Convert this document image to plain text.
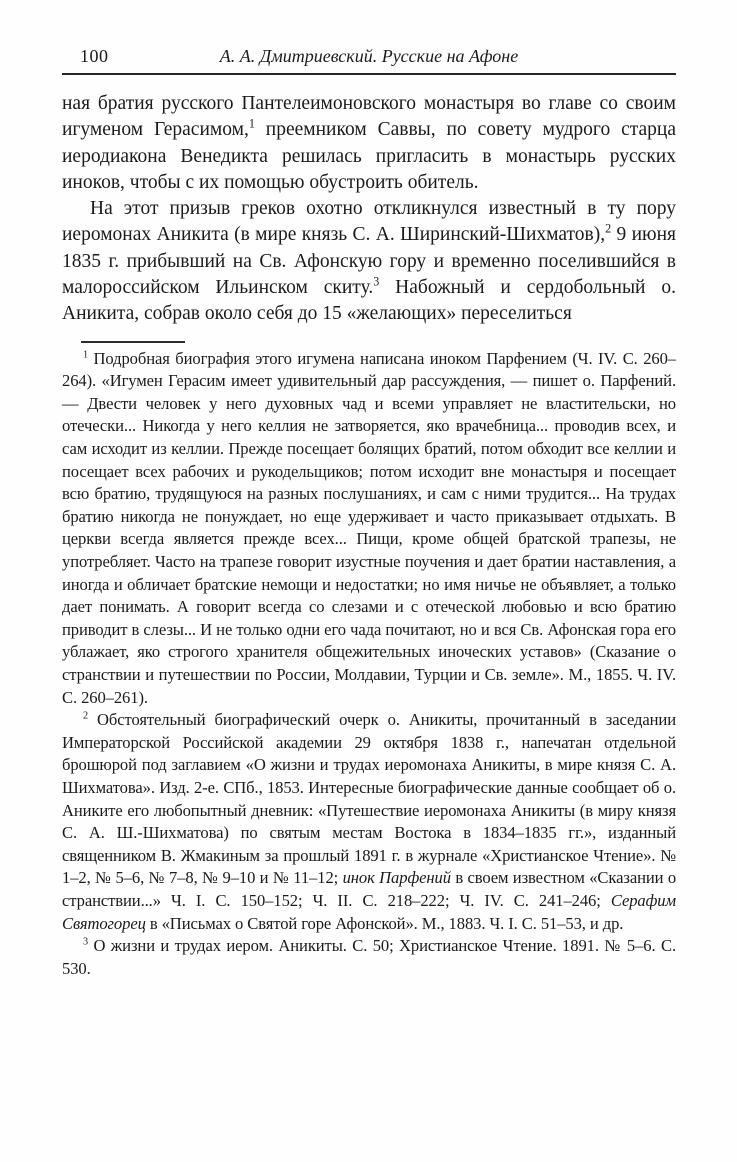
100	А. А. Дмитриевский. Русские на Афоне

ная братия русского Пантелеимоновского монастыря во главе со своим игуменом Герасимом,$^1$ преемником Саввы, по совету мудрого старца иеродиакона Венедикта решилась пригласить в монастырь русских иноков, чтобы с их помощью обустроить обитель.

На этот призыв греков охотно откликнулся известный в ту пору иеромонах Аникита (в мире князь С. А. Ширинский-Шихматов),$^2$ 9 июня 1835 г. прибывший на Св. Афонскую гору и временно поселившийся в малороссийском Ильинском скиту.$^3$ Набожный и сердобольный о. Аникита, собрав около себя до 15 «желающих» переселиться

$^1$ Подробная биография этого игумена написана иноком Парфением (Ч. IV. С. 260–264). «Игумен Герасим имеет удивительный дар рассуждения, — пишет о. Парфений. — Двести человек у него духовных чад и всеми управляет не властительски, но отечески... Никогда у него келлия не затворяется, яко врачебница... проводив всех, и сам исходит из келлии. Прежде посещает болящих братий, потом обходит все келлии и посещает всех рабочих и рукодельщиков; потом исходит вне монастыря и посещает всю братию, трудящуюся на разных послушаниях, и сам с ними трудится... На трудах братию никогда не понуждает, но еще удерживает и часто приказывает отдыхать. В церкви всегда является прежде всех... Пищи, кроме общей братской трапезы, не употребляет. Часто на трапезе говорит изустные поучения и дает братии наставления, а иногда и обличает братские немощи и недостатки; но имя ничье не объявляет, а только дает понимать. А говорит всегда со слезами и с отеческой любовью и всю братию приводит в слезы... И не только одни его чада почитают, но и вся Св. Афонская гора его ублажает, яко строгого хранителя общежительных иноческих уставов» (Сказание о странствии и путешествии по России, Молдавии, Турции и Св. земле». М., 1855. Ч. IV. С. 260–261).

$^2$ Обстоятельный биографический очерк о. Аникиты, прочитанный в заседании Императорской Российской академии 29 октября 1838 г., напечатан отдельной брошюрой под заглавием «О жизни и трудах иеромонаха Аникиты, в мире князя С. А. Шихматова». Изд. 2-е. СПб., 1853. Интересные биографические данные сообщает об о. Аниките его любопытный дневник: «Путешествие иеромонаха Аникиты (в миру князя С. А. Ш.-Шихматова) по святым местам Востока в 1834–1835 гг.», изданный священником В. Жмакиным за прошлый 1891 г. в журнале «Христианское Чтение». № 1–2, № 5–6, № 7–8, № 9–10 и № 11–12; инок Парфений в своем известном «Сказании о странствии...» Ч. I. С. 150–152; Ч. II. С. 218–222; Ч. IV. С. 241–246; Серафим Святогорец в «Письмах о Святой горе Афонской». М., 1883. Ч. I. С. 51–53, и др.

$^3$ О жизни и трудах иером. Аникиты. С. 50; Христианское Чтение. 1891. № 5–6. С. 530.
